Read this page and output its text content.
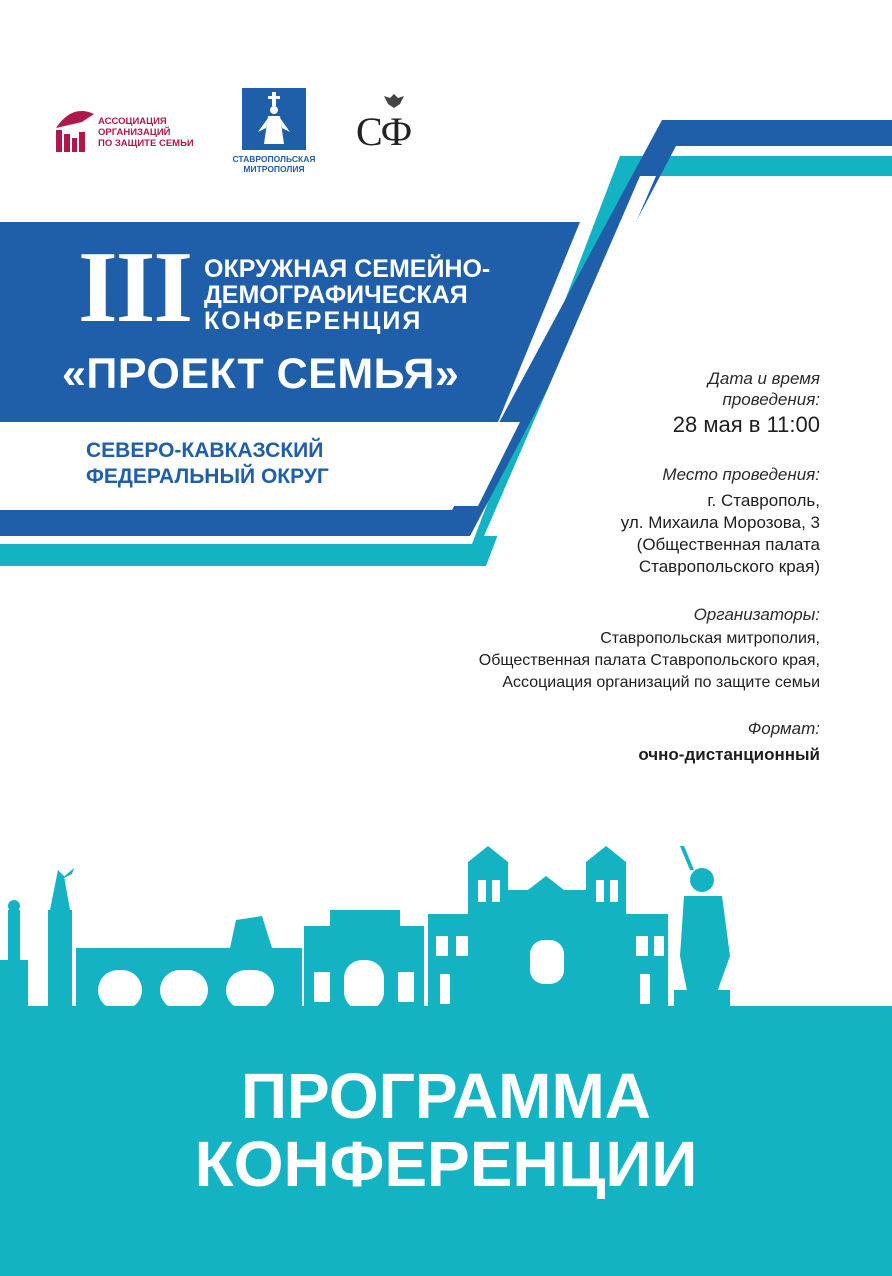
АССОЦИАЦИЯ
ОРГАНИЗАЦИЙ
ПО ЗАЩИТЕ СЕМЬИ
СТАВРОПОЛЬСКАЯ
МИТРОПОЛИЯ
СФ
III ОКРУЖНАЯ СЕМЕЙНО-
ДЕМОГРАФИЧЕСКАЯ
КОНФЕРЕНЦИЯ
«ПРОЕКТ СЕМЬЯ»
СЕВЕРО-КАВКАЗСКИЙ
ФЕДЕРАЛЬНЫЙ ОКРУГ
Дата и время
проведения:
28 мая в 11:00
Место проведения:
г. Ставрополь,
ул. Михаила Морозова, 3
(Общественная палата
Ставропольского края)
Организаторы:
Ставропольская митрополия,
Общественная палата Ставропольского края,
Ассоциация организаций по защите семьи
Формат:
очно-дистанционный
ПРОГРАММА
КОНФЕРЕНЦИИ
